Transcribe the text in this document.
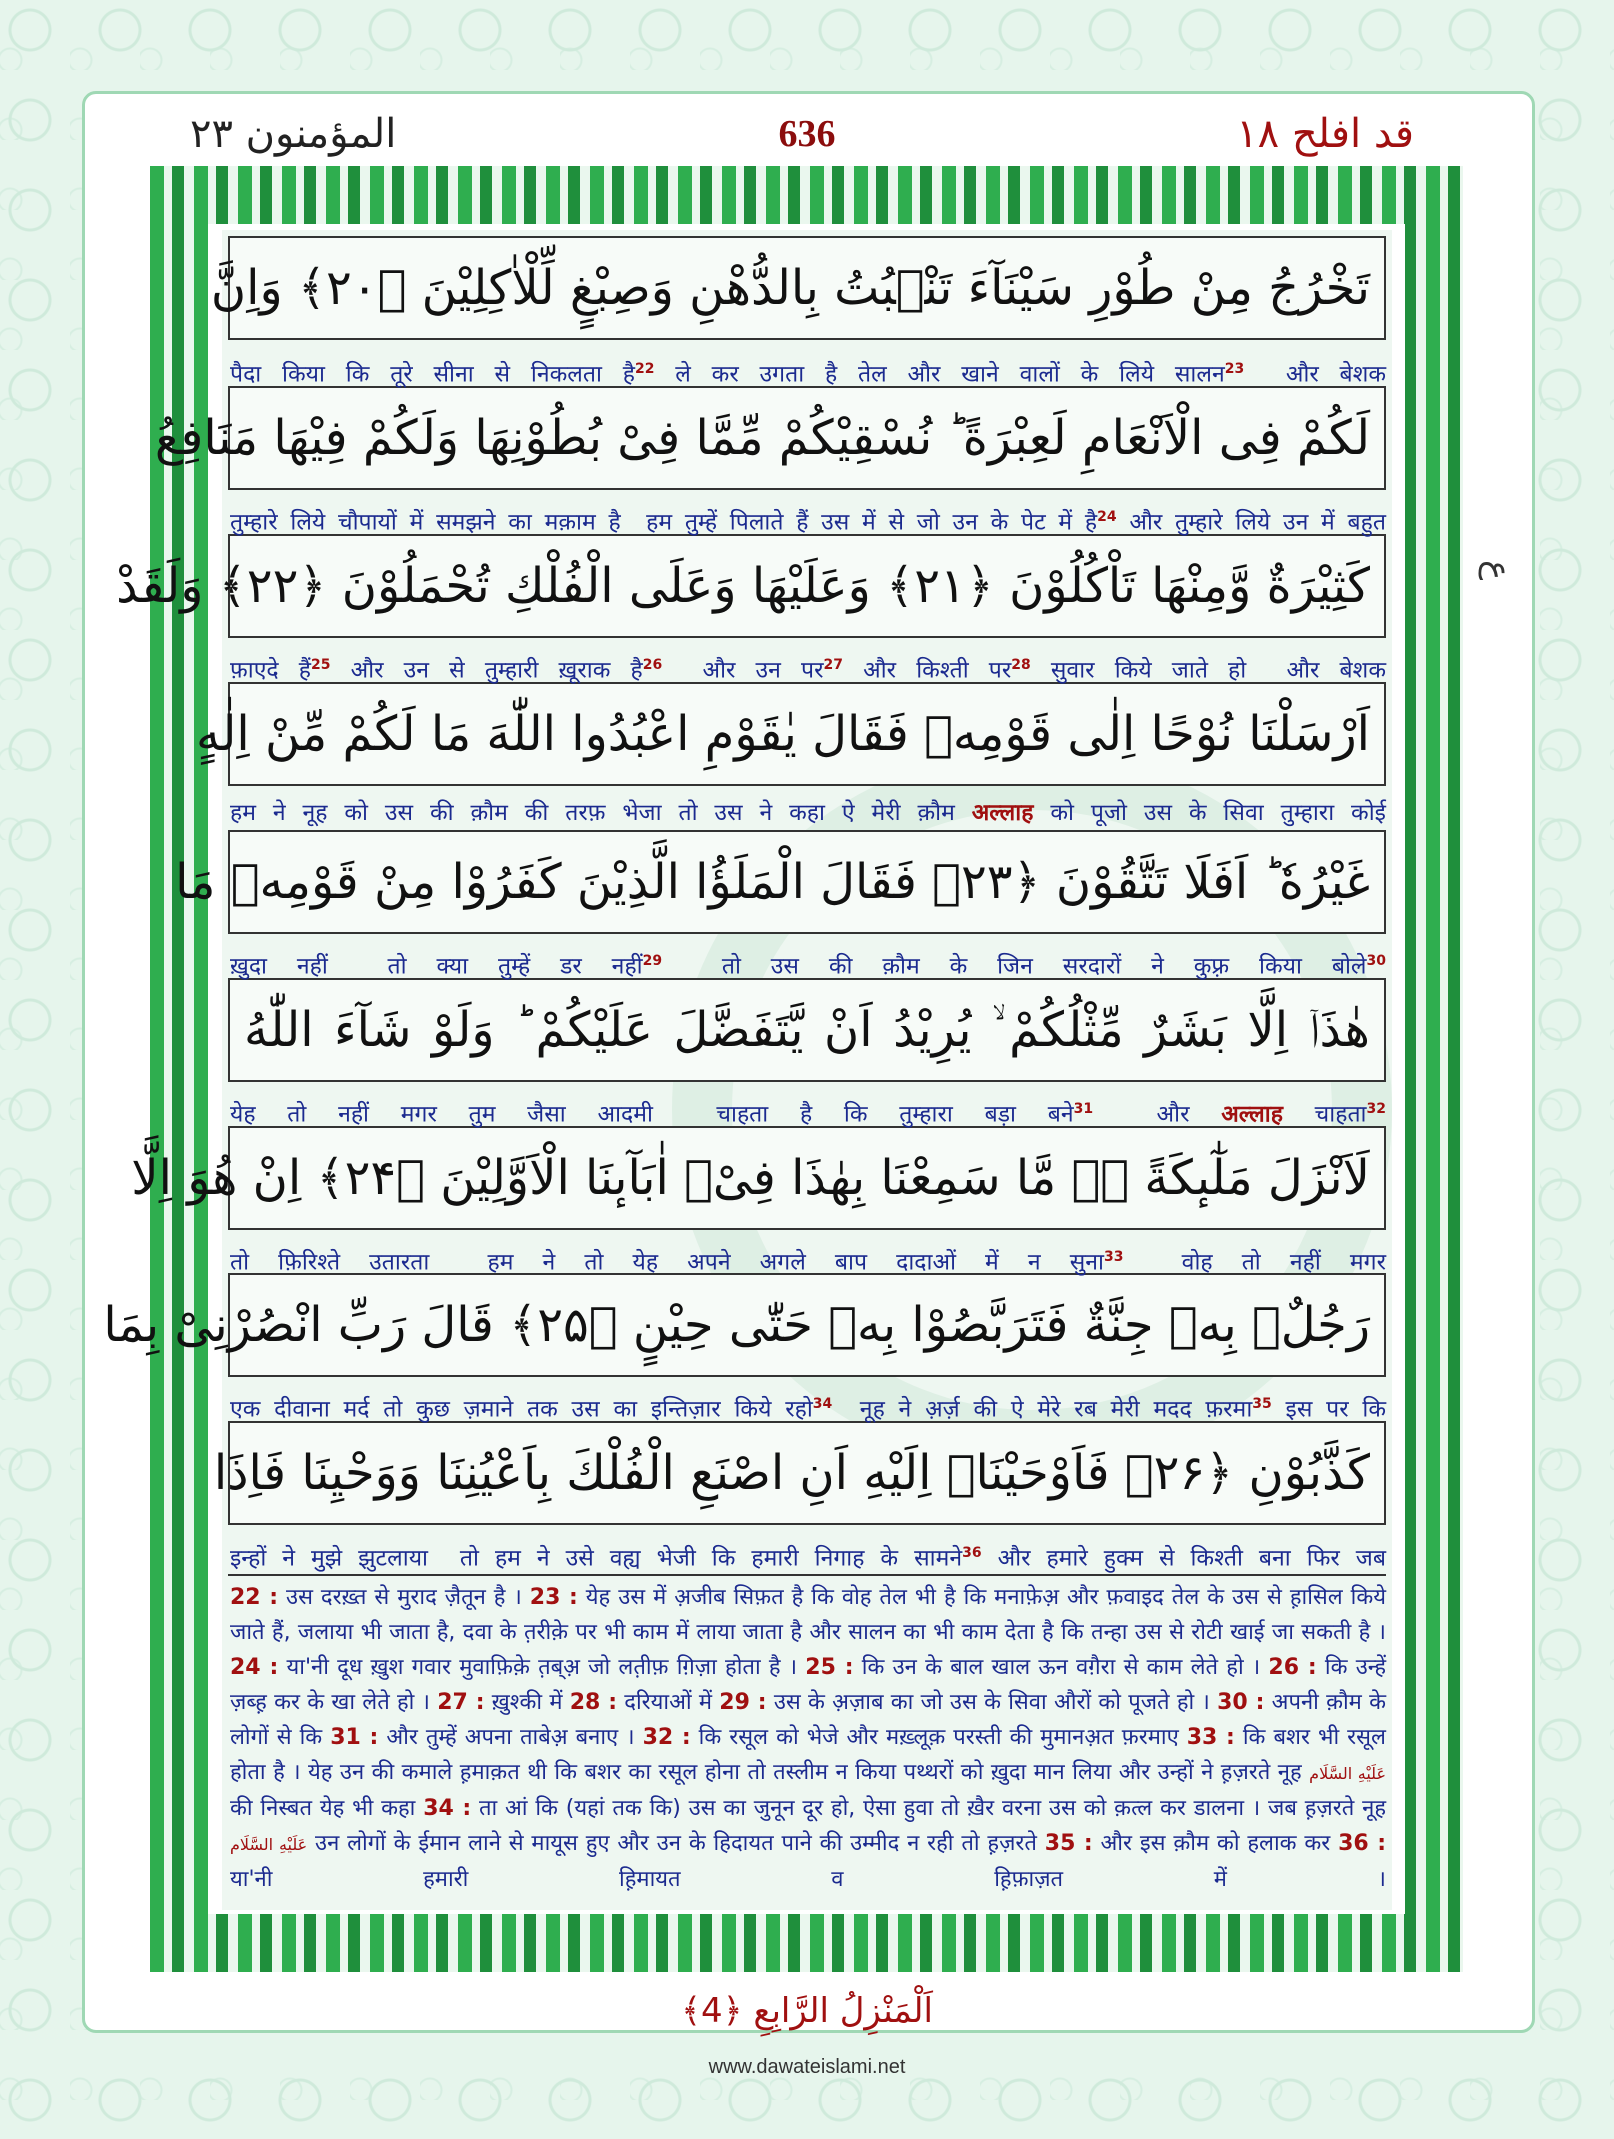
المؤمنون ٢٣	636	قد افلح ١٨
تَخْرُجُ مِنْ طُوْرِ سَيْنَآءَ تَنْۢبُتُ بِالدُّهْنِ وَصِبْغٍ لِّلْاٰكِلِيْنَ ﴿۲۰﴾ وَاِنَّ
لَكُمْ فِی الْاَنْعَامِ لَعِبْرَةً ؕ نُسْقِیْكُمْ مِّمَّا فِیْ بُطُوْنِهَا وَلَكُمْ فِیْهَا مَنَافِعُ
كَثِیْرَةٌ وَّمِنْهَا تَاْكُلُوْنَ ﴿۲۱﴾ وَعَلَیْهَا وَعَلَی الْفُلْكِ تُحْمَلُوْنَ ﴿۲۲﴾ وَلَقَدْ
اَرْسَلْنَا نُوْحًا اِلٰی قَوْمِهٖ فَقَالَ یٰقَوْمِ اعْبُدُوا اللّٰهَ مَا لَكُمْ مِّنْ اِلٰهٍ
غَیْرُهٗ ؕ اَفَلَا تَتَّقُوْنَ ﴿۲۳﴾ فَقَالَ الْمَلَؤُا الَّذِیْنَ كَفَرُوْا مِنْ قَوْمِهٖ مَا
هٰذَاۤ اِلَّا بَشَرٌ مِّثْلُكُمْ ۙ یُرِیْدُ اَنْ یَّتَفَضَّلَ عَلَیْكُمْ ؕ وَلَوْ شَآءَ اللّٰهُ
لَاَنْزَلَ مَلٰٓىٕكَةً ۚۖ مَّا سَمِعْنَا بِهٰذَا فِیْۤ اٰبَآىٕنَا الْاَوَّلِیْنَ ﴿۲۴﴾ اِنْ هُوَ اِلَّا
رَجُلٌۢ بِهٖ جِنَّةٌ فَتَرَبَّصُوْا بِهٖ حَتّٰی حِیْنٍ ﴿۲۵﴾ قَالَ رَبِّ انْصُرْنِیْ بِمَا
كَذَّبُوْنِ ﴿۲۶﴾ فَاَوْحَیْنَاۤ اِلَیْهِ اَنِ اصْنَعِ الْفُلْكَ بِاَعْیُنِنَا وَوَحْیِنَا فَاِذَا
पैदा किया कि तूरे सीना से निकलता है$^{22}$ ले कर उगता है तेल और खाने वालों के लिये सालन$^{23}$  और बेशक
तुम्हारे लिये चौपायों में समझने का मक़ाम है  हम तुम्हें पिलाते हैं उस में से जो उन के पेट में है$^{24}$ और तुम्हारे लिये उन में बहुत
फ़ाएदे हैं$^{25}$ और उन से तुम्हारी ख़ूराक है$^{26}$  और उन पर$^{27}$ और किश्ती पर$^{28}$ सुवार किये जाते हो  और बेशक
हम ने नूह को उस की क़ौम की तरफ़ भेजा तो उस ने कहा ऐ मेरी क़ौम अल्लाह को पूजो उस के सिवा तुम्हारा कोई
ख़ुदा नहीं  तो क्या तुम्हें डर नहीं$^{29}$  तो उस की क़ौम के जिन सरदारों ने कुफ़्र किया बोले$^{30}$
येह तो नहीं मगर तुम जैसा आदमी  चाहता है कि तुम्हारा बड़ा बने$^{31}$  और अल्लाह चाहता$^{32}$
तो फ़िरिश्ते उतारता  हम ने तो येह अपने अगले बाप दादाओं में न सुना$^{33}$  वोह तो नहीं मगर
एक दीवाना मर्द तो कुछ ज़माने तक उस का इन्तिज़ार किये रहो$^{34}$  नूह ने अ़र्ज़ की ऐ मेरे रब मेरी मदद फ़रमा$^{35}$ इस पर कि
इन्हों ने मुझे झुटलाया  तो हम ने उसे वह्य भेजी कि हमारी निगाह के सामने$^{36}$ और हमारे हुक्म से किश्ती बना फिर जब
22 : उस दरख़्त से मुराद ज़ैतून है । 23 : येह उस में अ़जीब सिफ़त है कि वोह तेल भी है कि मनाफ़ेअ़ और फ़वाइद तेल के उस से ह़ासिल किये जाते हैं, जलाया भी जाता है, दवा के त़रीक़े पर भी काम में लाया जाता है और सालन का भी काम देता है कि तन्हा उस से रोटी खाई जा सकती है । 24 : या'नी दूध ख़ुश गवार मुवाफ़िक़े त़ब्अ़ जो लत़ीफ़ ग़िज़ा होता है । 25 : कि उन के बाल खाल ऊन वग़ैरा से काम लेते हो । 26 : कि उन्हें ज़ब्ह़ कर के खा लेते हो । 27 : ख़ुश्की में 28 : दरियाओं में 29 : उस के अ़ज़ाब का जो उस के सिवा औरों को पूजते हो । 30 : अपनी क़ौम के लोगों से कि 31 : और तुम्हें अपना ताबेअ़ बनाए । 32 : कि रसूल को भेजे और मख़्लूक़ परस्ती की मुमानअ़त फ़रमाए 33 : कि बशर भी रसूल होता है । येह उन की कमाले ह़माक़त थी कि बशर का रसूल होना तो तस्लीम न किया पथ्थरों को ख़ुदा मान लिया और उन्हों ने ह़ज़रते नूह عَلَیْهِ السَّلَام की निस्बत येह भी कहा 34 : ता आं कि (यहां तक कि) उस का जुनून दूर हो, ऐसा हुवा तो ख़ैर वरना उस को क़त्ल कर डालना । जब ह़ज़रते नूह عَلَیْهِ السَّلَام उन लोगों के ईमान लाने से मायूस हुए और उन के हिदायत पाने की उम्मीद न रही तो ह़ज़रते 35 : और इस क़ौम को हलाक कर 36 : या'नी हमारी ह़िमायत व ह़िफ़ाज़त में ।
ع
اَلْمَنْزِلُ الرَّابِعِ ﴿4﴾
www.dawateislami.net
